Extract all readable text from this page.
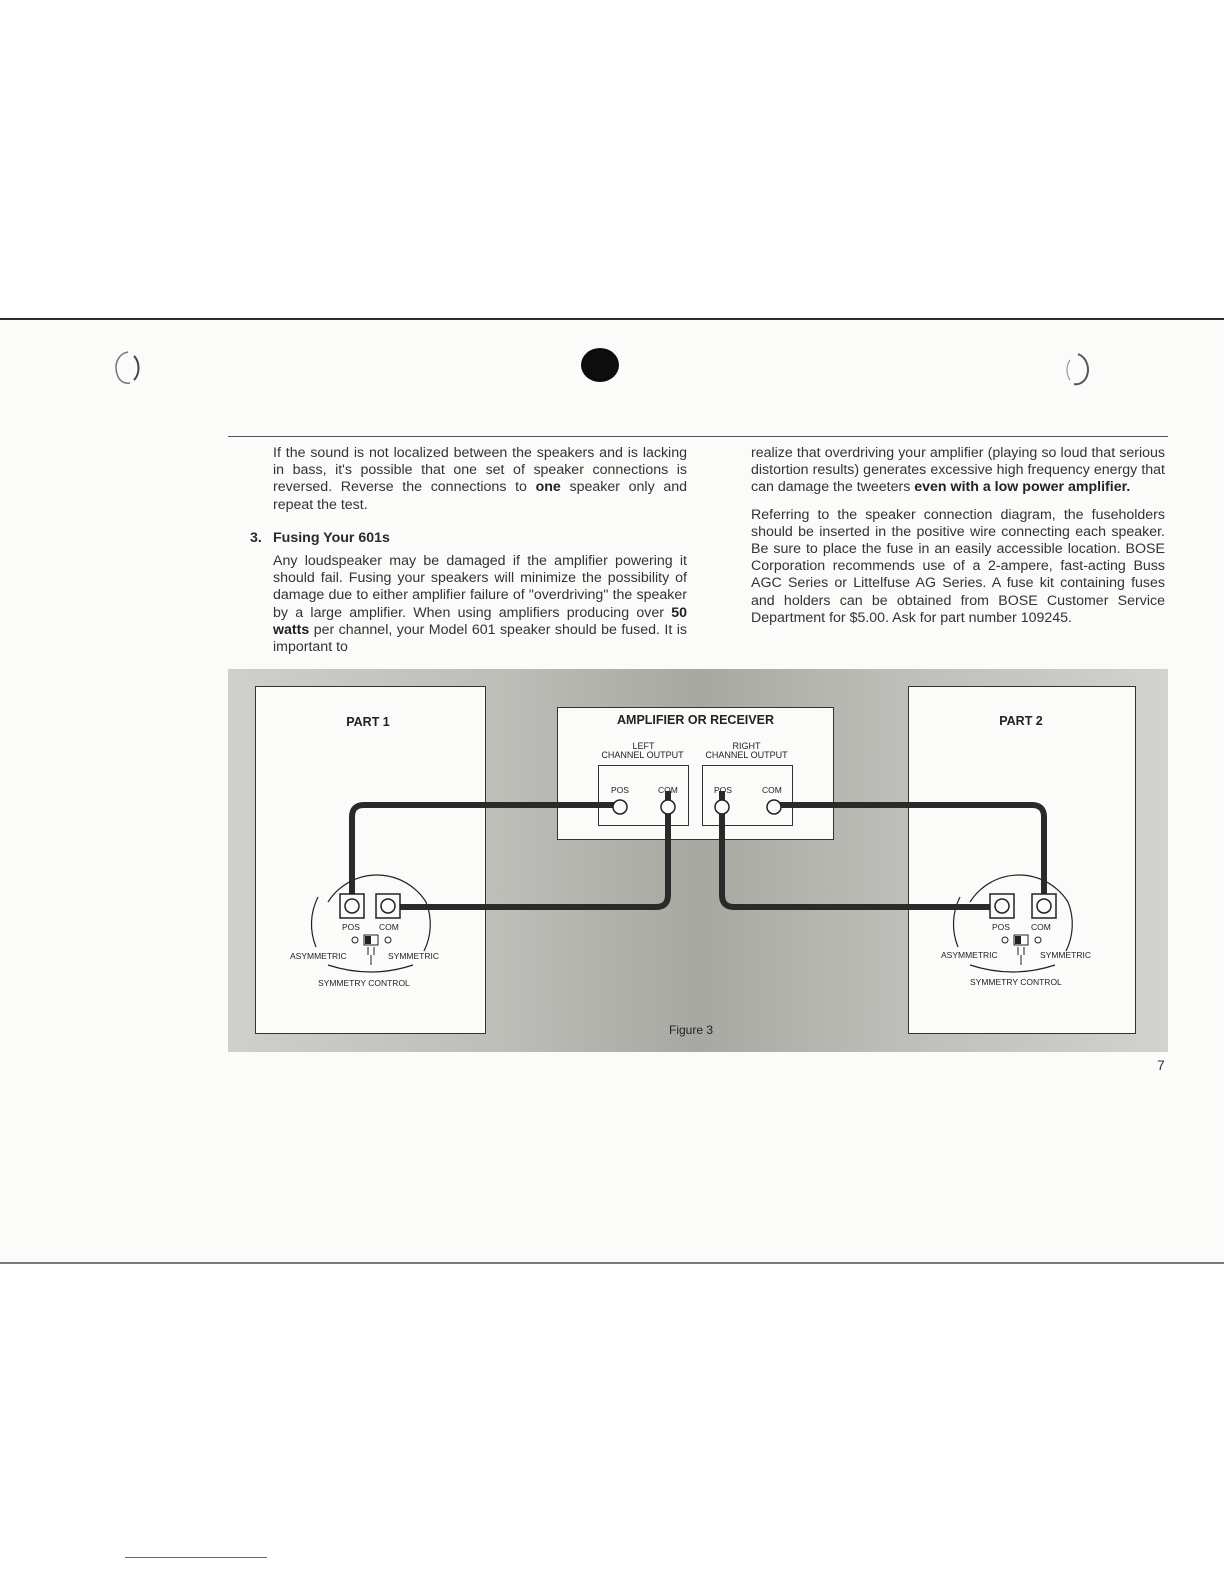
If the sound is not localized between the speakers and is lacking in bass, it's possible that one set of speaker connections is reversed. Reverse the connections to one speaker only and repeat the test.

3. Fusing Your 601s

Any loudspeaker may be damaged if the amplifier powering it should fail. Fusing your speakers will minimize the possibility of damage due to either amplifier failure of "overdriving" the speaker by a large amplifier. When using amplifiers producing over 50 watts per channel, your Model 601 speaker should be fused. It is important to

realize that overdriving your amplifier (playing so loud that serious distortion results) generates excessive high frequency energy that can damage the tweeters even with a low power amplifier.

Referring to the speaker connection diagram, the fuseholders should be inserted in the positive wire connecting each speaker. Be sure to place the fuse in an easily accessible location. BOSE Corporation recommends use of a 2-ampere, fast-acting Buss AGC Series or Littelfuse AG Series. A fuse kit containing fuses and holders can be obtained from BOSE Customer Service Department for $5.00. Ask for part number 109245.

PART 1	PART 2
AMPLIFIER OR RECEIVER
LEFT
CHANNEL OUTPUT
RIGHT
CHANNEL OUTPUT
POS	COM	POS	COM
POS COM
ASYMMETRIC	SYMMETRIC
SYMMETRY CONTROL
POS COM
ASYMMETRIC	SYMMETRIC
SYMMETRY CONTROL
Figure 3
7
